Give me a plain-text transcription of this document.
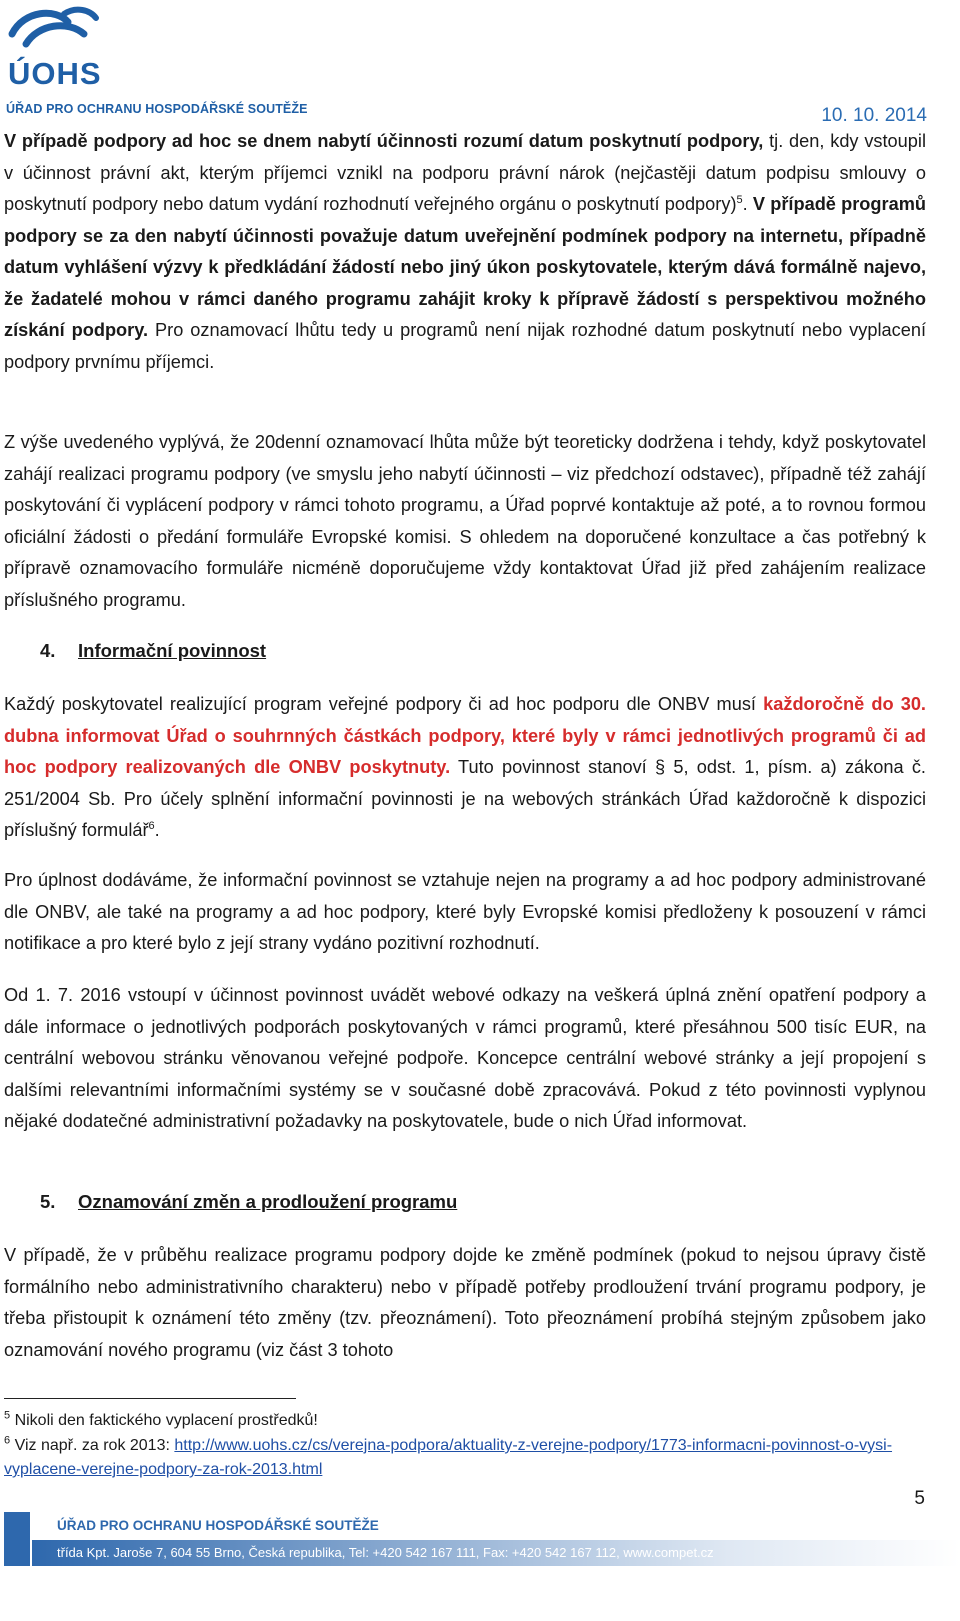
ÚOHS
ÚŘAD PRO OCHRANU HOSPODÁŘSKÉ SOUTĚŽE	10. 10. 2014
V případě podpory ad hoc se dnem nabytí účinnosti rozumí datum poskytnutí podpory, tj. den, kdy vstoupil v účinnost právní akt, kterým příjemci vznikl na podporu právní nárok (nejčastěji datum podpisu smlouvy o poskytnutí podpory nebo datum vydání rozhodnutí veřejného orgánu o poskytnutí podpory)$^5$. V případě programů podpory se za den nabytí účinnosti považuje datum uveřejnění podmínek podpory na internetu, případně datum vyhlášení výzvy k předkládání žádostí nebo jiný úkon poskytovatele, kterým dává formálně najevo, že žadatelé mohou v rámci daného programu zahájit kroky k přípravě žádostí s perspektivou možného získání podpory. Pro oznamovací lhůtu tedy u programů není nijak rozhodné datum poskytnutí nebo vyplacení podpory prvnímu příjemci.
Z výše uvedeného vyplývá, že 20denní oznamovací lhůta může být teoreticky dodržena i tehdy, když poskytovatel zahájí realizaci programu podpory (ve smyslu jeho nabytí účinnosti – viz předchozí odstavec), případně též zahájí poskytování či vyplácení podpory v rámci tohoto programu, a Úřad poprvé kontaktuje až poté, a to rovnou formou oficiální žádosti o předání formuláře Evropské komisi. S ohledem na doporučené konzultace a čas potřebný k přípravě oznamovacího formuláře nicméně doporučujeme vždy kontaktovat Úřad již před zahájením realizace příslušného programu.
4. Informační povinnost
Každý poskytovatel realizující program veřejné podpory či ad hoc podporu dle ONBV musí každoročně do 30. dubna informovat Úřad o souhrnných částkách podpory, které byly v rámci jednotlivých programů či ad hoc podpory realizovaných dle ONBV poskytnuty. Tuto povinnost stanoví § 5, odst. 1, písm. a) zákona č. 251/2004 Sb. Pro účely splnění informační povinnosti je na webových stránkách Úřad každoročně k dispozici příslušný formulář$^6$.
Pro úplnost dodáváme, že informační povinnost se vztahuje nejen na programy a ad hoc podpory administrované dle ONBV, ale také na programy a ad hoc podpory, které byly Evropské komisi předloženy k posouzení v rámci notifikace a pro které bylo z její strany vydáno pozitivní rozhodnutí.
Od 1. 7. 2016 vstoupí v účinnost povinnost uvádět webové odkazy na veškerá úplná znění opatření podpory a dále informace o jednotlivých podporách poskytovaných v rámci programů, které přesáhnou 500 tisíc EUR, na centrální webovou stránku věnovanou veřejné podpoře. Koncepce centrální webové stránky a její propojení s dalšími relevantními informačními systémy se v současné době zpracovává. Pokud z této povinnosti vyplynou nějaké dodatečné administrativní požadavky na poskytovatele, bude o nich Úřad informovat.
5. Oznamování změn a prodloužení programu
V případě, že v průběhu realizace programu podpory dojde ke změně podmínek (pokud to nejsou úpravy čistě formálního nebo administrativního charakteru) nebo v případě potřeby prodloužení trvání programu podpory, je třeba přistoupit k oznámení této změny (tzv. přeoznámení). Toto přeoznámení probíhá stejným způsobem jako oznamování nového programu (viz část 3 tohoto
$^5$ Nikoli den faktického vyplacení prostředků!
$^6$ Viz např. za rok 2013: http://www.uohs.cz/cs/verejna-podpora/aktuality-z-verejne-podpory/1773-informacni-povinnost-o-vysi-vyplacene-verejne-podpory-za-rok-2013.html
5
ÚŘAD PRO OCHRANU HOSPODÁŘSKÉ SOUTĚŽE
třída Kpt. Jaroše 7, 604 55 Brno, Česká republika, Tel: +420 542 167 111, Fax: +420 542 167 112, www.compet.cz
